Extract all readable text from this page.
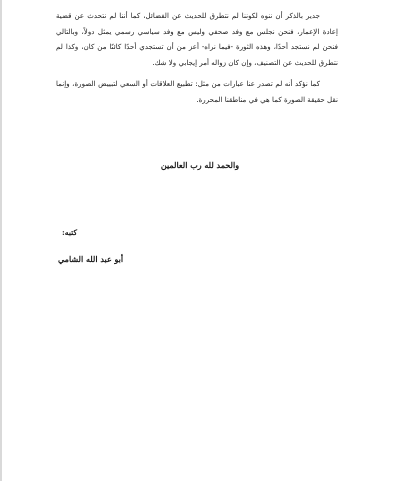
جدير بالذكر أن ننوه لكوننا لم نتطرق للحديث عن الفضائل، كما أننا لم نتحدث عن قضية إعادة الإعمار، فنحن نجلس مع وفد صحفي وليس مع وفد سياسي رسمي يمثل دولاً، وبالتالي فنحن لم نستجد أحدًا، وهذه الثورة -فيما نراه- أعز من أن تستجدي أحدًا كائنًا من كان، وكذا لم نتطرق للحديث عن التصنيف، وإن كان زواله أمر إيجابي ولا شك.

كما نؤكد أنه لم تصدر عنا عبارات من مثل: تطبيع العلاقات أو السعي لتبييض الصورة، وإنما نقل حقيقة الصورة كما هي في مناطقنا المحررة.

والحمد لله رب العالمين
كتبه:
أبو عبد الله الشامي
